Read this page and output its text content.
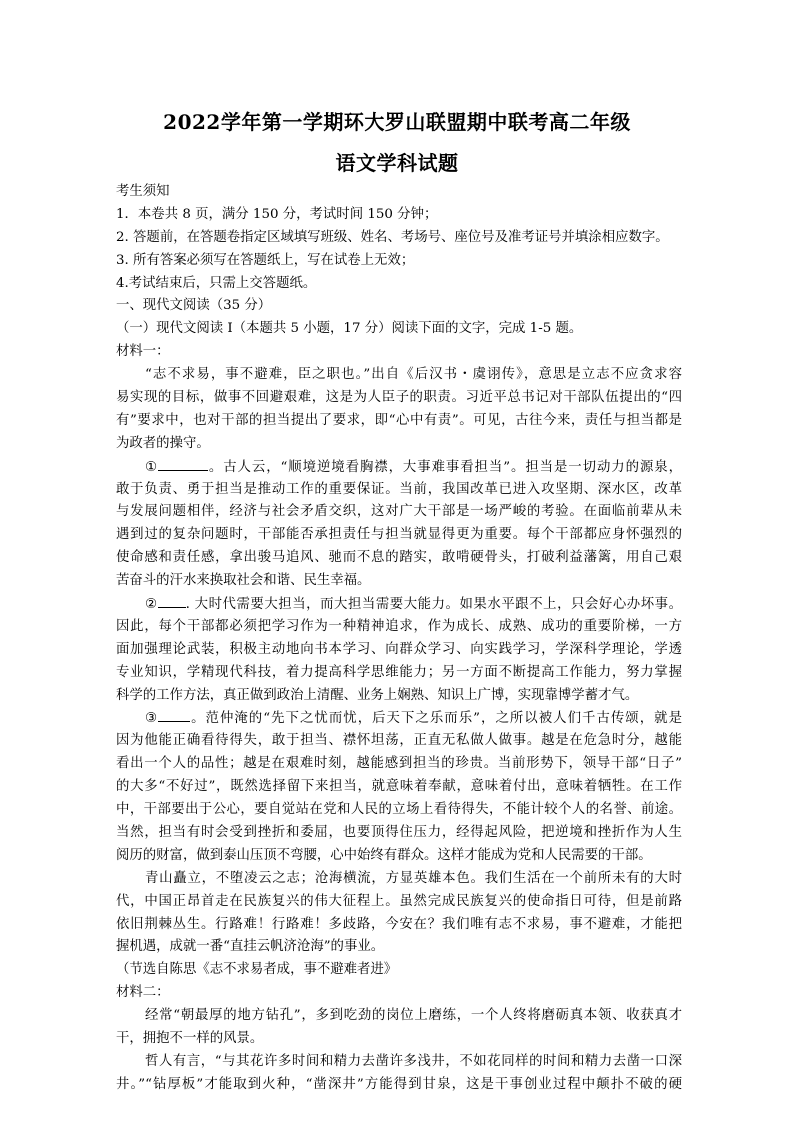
2022学年第一学期环大罗山联盟期中联考高二年级
语文学科试题
考生须知
1．本卷共 8 页，满分 150 分，考试时间 150 分钟；
2. 答题前，在答题卷指定区域填写班级、姓名、考场号、座位号及准考证号并填涂相应数字。
3. 所有答案必须写在答题纸上，写在试卷上无效；
4.考试结束后，只需上交答题纸。
一、现代文阅读（35 分）
（一）现代文阅读 I（本题共 5 小题，17 分）阅读下面的文字，完成 1-5 题。
材料一：
“志不求易，事不避难，臣之职也。”出自《后汉书・虞诩传》，意思是立志不应贪求容
易实现的目标，做事不回避艰难，这是为人臣子的职责。习近平总书记对干部队伍提出的“四
有”要求中，也对干部的担当提出了要求，即“心中有责”。可见，古往今来，责任与担当都是
为政者的操守。
①	。古人云，“顺境逆境看胸襟，大事难事看担当”。担当是一切动力的源泉，
敢于负责、勇于担当是推动工作的重要保证。当前，我国改革已进入攻坚期、深水区，改革
与发展问题相伴，经济与社会矛盾交织，这对广大干部是一场严峻的考验。在面临前辈从未
遇到过的复杂问题时，干部能否承担责任与担当就显得更为重要。每个干部都应身怀强烈的
使命感和责任感，拿出骏马追风、驰而不息的踏实，敢啃硬骨头，打破利益藩篱，用自己艰
苦奋斗的汗水来换取社会和谐、民生幸福。
② . 大时代需要大担当，而大担当需要大能力。如果水平跟不上，只会好心办坏事。
因此，每个干部都必须把学习作为一种精神追求，作为成长、成熟、成功的重要阶梯，一方
面加强理论武装，积极主动地向书本学习、向群众学习、向实践学习，学深科学理论，学透
专业知识，学精现代科技，着力提高科学思维能力；另一方面不断提高工作能力，努力掌握
科学的工作方法，真正做到政治上清醒、业务上娴熟、知识上广博，实现靠博学蓄才气。
③ 。范仲淹的“先下之忧而忧，后天下之乐而乐”，之所以被人们千古传颂，就是
因为他能正确看待得失，敢于担当、襟怀坦荡，正直无私做人做事。越是在危急时分，越能
看出一个人的品性；越是在艰难时刻，越能感到担当的珍贵。当前形势下，领导干部“日子”
的大多“不好过”，既然选择留下来担当，就意味着奉献，意味着付出，意味着牺牲。在工作
中，干部要出于公心，要自觉站在党和人民的立场上看待得失，不能计较个人的名誉、前途。
当然，担当有时会受到挫折和委屈，也要顶得住压力，经得起风险，把逆境和挫折作为人生
阅历的财富，做到泰山压顶不弯腰，心中始终有群众。这样才能成为党和人民需要的干部。
青山矗立，不堕凌云之志；沧海横流，方显英雄本色。我们生活在一个前所未有的大时
代，中国正昂首走在民族复兴的伟大征程上。虽然完成民族复兴的使命指日可待，但是前路
依旧荆棘丛生。行路难！行路难！多歧路，今安在？我们唯有志不求易，事不避难，才能把
握机遇，成就一番“直挂云帆济沧海”的事业。
（节选自陈思《志不求易者成，事不避难者进》
材料二：
经常“朝最厚的地方钻孔”，多到吃劲的岗位上磨练，一个人终将磨砺真本领、收获真才
干，拥抱不一样的风景。
哲人有言，“与其花许多时间和精力去凿许多浅井，不如花同样的时间和精力去凿一口深
井。”“钻厚板”才能取到火种，“凿深井”方能得到甘泉，这是干事创业过程中颠扑不破的硬
